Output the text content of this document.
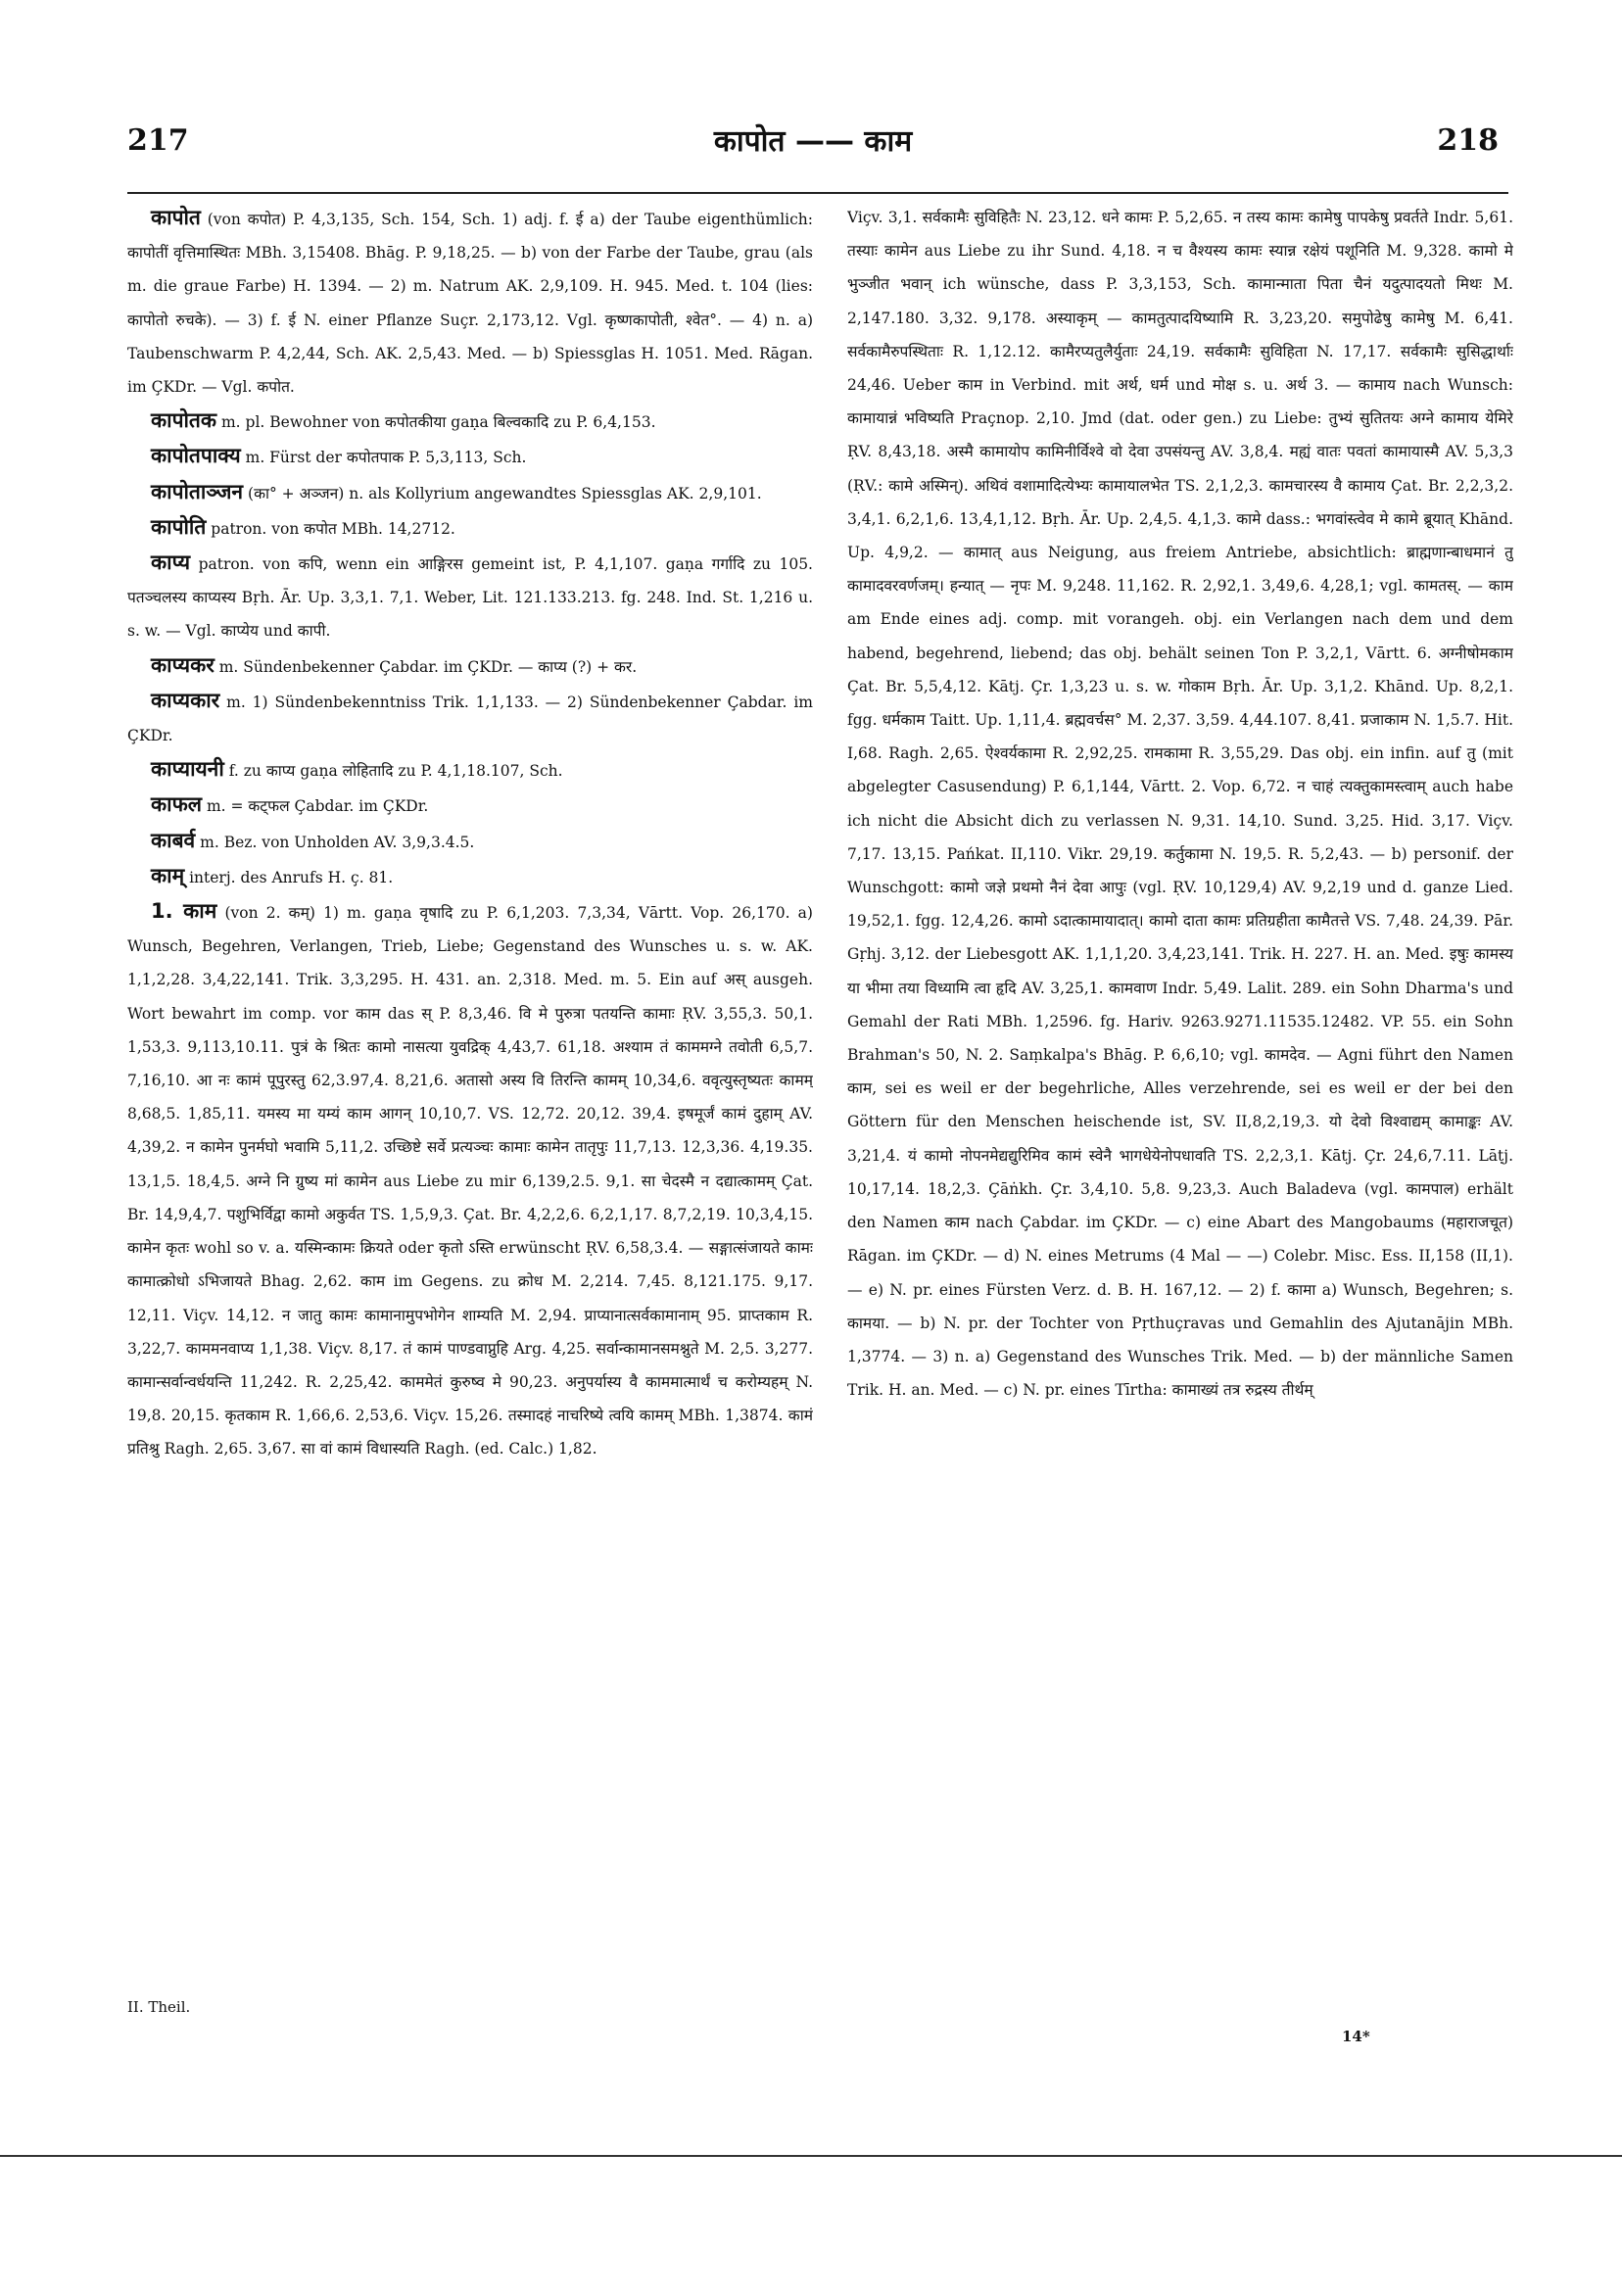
217	कापोत —— काम	218

कापोत (von कपोत) P. 4,3,135, Sch. 154, Sch. 1) adj. f. ई a) der Taube eigenthümlich: कापोतीं वृत्तिमास्थितः MBh. 3,15408. Bhāg. P. 9,18,25. — b) von der Farbe der Taube, grau (als m. die graue Farbe) H. 1394. — 2) m. Natrum AK. 2,9,109. H. 945. Med. t. 104 (lies: कापोतो रुचके). — 3) f. ई N. einer Pflanze Suçr. 2,173,12. Vgl. कृष्णकापोती, श्वेत°. — 4) n. a) Taubenschwarm P. 4,2,44, Sch. AK. 2,5,43. Med. — b) Spiessglas H. 1051. Med. Rāgan. im ÇKDr. — Vgl. कपोत.

कापोतक m. pl. Bewohner von कपोतकीया gaṇa बिल्वकादि zu P. 6,4,153.

कापोतपाक्य m. Fürst der कपोतपाक P. 5,3,113, Sch.

कापोताञ्जन (का° + अञ्जन) n. als Kollyrium angewandtes Spiessglas AK. 2,9,101.

कापोति patron. von कपोत MBh. 14,2712.

काप्य patron. von कपि, wenn ein आङ्गिरस gemeint ist, P. 4,1,107. gaṇa गर्गादि zu 105. पतञ्चलस्य काप्यस्य Bṛh. Ār. Up. 3,3,1. 7,1. Weber, Lit. 121.133.213. fg. 248. Ind. St. 1,216 u. s. w. — Vgl. काप्येय und कापी.

काप्यकर m. Sündenbekenner Çabdar. im ÇKDr. — काप्य (?) + कर.

काप्यकार m. 1) Sündenbekenntniss Trik. 1,1,133. — 2) Sündenbekenner Çabdar. im ÇKDr.

काप्यायनी f. zu काप्य gaṇa लोहितादि zu P. 4,1,18.107, Sch.

काफल m. = कट्फल Çabdar. im ÇKDr.

काबर्व m. Bez. von Unholden AV. 3,9,3.4.5.

काम् interj. des Anrufs H. ç. 81.

1. काम (von 2. कम्) 1) m. gaṇa वृषादि zu P. 6,1,203. 7,3,34, Vārtt. Vop. 26,170. a) Wunsch, Begehren, Verlangen, Trieb, Liebe; Gegenstand des Wunsches u. s. w. AK. 1,1,2,28. 3,4,22,141. Trik. 3,3,295. H. 431. an. 2,318. Med. m. 5. Ein auf अस् ausgeh. Wort bewahrt im comp. vor काम das स् P. 8,3,46. वि मे पुरुत्रा पतयन्ति कामाः ṚV. 3,55,3. 50,1. 1,53,3. 9,113,10.11. पुत्रं के श्रितः कामो नासत्या युवद्रिक् 4,43,7. 61,18. अश्याम तं काममग्ने तवोती 6,5,7. 7,16,10. आ नः कामं पूपुरस्तु 62,3.97,4. 8,21,6. अतासो अस्य वि तिरन्ति कामम् 10,34,6. ववृत्युस्तृष्यतः कामम् 8,68,5. 1,85,11. यमस्य मा यम्यं काम आगन् 10,10,7. VS. 12,72. 20,12. 39,4. इषमूर्जं कामं दुहाम् AV. 4,39,2. न कामेन पुनर्मघो भवामि 5,11,2. उच्छिष्टे सर्वे प्रत्यञ्चः कामाः कामेन तातृपुः 11,7,13. 12,3,36. 4,19.35. 13,1,5. 18,4,5. अग्ने नि ग्रुष्य मां कामेन aus Liebe zu mir 6,139,2.5. 9,1. सा चेदस्मै न दद्यात्कामम् Çat. Br. 14,9,4,7. पशुभिर्विद्वा कामो अकुर्वत TS. 1,5,9,3. Çat. Br. 4,2,2,6. 6,2,1,17. 8,7,2,19. 10,3,4,15. कामेन कृतः wohl so v. a. यस्मिन्कामः क्रियते oder कृतो ऽस्ति erwünscht ṚV. 6,58,3.4. — सङ्गात्संजायते कामः कामात्क्रोधो ऽभिजायते Bhag. 2,62. काम im Gegens. zu क्रोध M. 2,214. 7,45. 8,121.175. 9,17. 12,11. Viçv. 14,12. न जातु कामः कामानामुपभोगेन शाम्यति M. 2,94. प्राप्यानात्सर्वकामानाम् 95. प्राप्तकाम R. 3,22,7. काममनवाप्य 1,1,38. Viçv. 8,17. तं कामं पाण्डवाप्नुहि Arg. 4,25. सर्वान्कामानसमश्नुते M. 2,5. 3,277. कामान्सर्वान्वर्धयन्ति 11,242. R. 2,25,42. काममेतं कुरुष्व मे 90,23. अनुपर्यास्य वै काममात्मार्थं च करोम्यहम् N. 19,8. 20,15. कृतकाम R. 1,66,6. 2,53,6. Viçv. 15,26. तस्मादहं नाचरिष्ये त्वयि कामम् MBh. 1,3874. कामं प्रतिश्रु Ragh. 2,65. 3,67. सा वां कामं विधास्यति Ragh. (ed. Calc.) 1,82.

Viçv. 3,1. सर्वकामैः सुविहितैः N. 23,12. धने कामः P. 5,2,65. न तस्य कामः कामेषु पापकेषु प्रवर्तते Indr. 5,61. तस्याः कामेन aus Liebe zu ihr Sund. 4,18. न च वैश्यस्य कामः स्यान्न रक्षेयं पशूनिति M. 9,328. कामो मे भुञ्जीत भवान् ich wünsche, dass P. 3,3,153, Sch. कामान्माता पिता चैनं यदुत्पादयतो मिथः M. 2,147.180. 3,32. 9,178. अस्याकृम् — कामतुत्पादयिष्यामि R. 3,23,20. समुपोढेषु कामेषु M. 6,41. सर्वकामैरुपस्थिताः R. 1,12.12. कामैरप्यतुलैर्युताः 24,19. सर्वकामैः सुविहिता N. 17,17. सर्वकामैः सुसिद्धार्थाः 24,46. Ueber काम in Verbind. mit अर्थ, धर्म und मोक्ष s. u. अर्थ 3. — कामाय nach Wunsch: कामायान्नं भविष्यति Praçnop. 2,10. Jmd (dat. oder gen.) zu Liebe: तुभ्यं सुतितयः अग्ने कामाय येमिरे ṚV. 8,43,18. अस्मै कामायोप कामिनीर्विश्वे वो देवा उपसंयन्तु AV. 3,8,4. मह्यं वातः पवतां कामायास्मै AV. 5,3,3 (ṚV.: कामे अस्मिन्). अथिवं वशामादित्येभ्यः कामायालभेत TS. 2,1,2,3. कामचारस्य वै कामाय Çat. Br. 2,2,3,2. 3,4,1. 6,2,1,6. 13,4,1,12. Bṛh. Ār. Up. 2,4,5. 4,1,3. कामे dass.: भगवांस्त्वेव मे कामे ब्रूयात् Khānd. Up. 4,9,2. — कामात् aus Neigung, aus freiem Antriebe, absichtlich: ब्राह्मणान्बाधमानं तु कामादवरवर्णजम्। हन्यात् — नृपः M. 9,248. 11,162. R. 2,92,1. 3,49,6. 4,28,1; vgl. कामतस्. — काम am Ende eines adj. comp. mit vorangeh. obj. ein Verlangen nach dem und dem habend, begehrend, liebend; das obj. behält seinen Ton P. 3,2,1, Vārtt. 6. अग्नीषोमकाम Çat. Br. 5,5,4,12. Kātj. Çr. 1,3,23 u. s. w. गोकाम Bṛh. Ār. Up. 3,1,2. Khānd. Up. 8,2,1. fgg. धर्मकाम Taitt. Up. 1,11,4. ब्रह्मवर्चस° M. 2,37. 3,59. 4,44.107. 8,41. प्रजाकाम N. 1,5.7. Hit. I,68. Ragh. 2,65. ऐश्वर्यकामा R. 2,92,25. रामकामा R. 3,55,29. Das obj. ein infin. auf तु (mit abgelegter Casusendung) P. 6,1,144, Vārtt. 2. Vop. 6,72. न चाहं त्यक्तुकामस्त्वाम् auch habe ich nicht die Absicht dich zu verlassen N. 9,31. 14,10. Sund. 3,25. Hid. 3,17. Viçv. 7,17. 13,15. Pańkat. II,110. Vikr. 29,19. कर्तुकामा N. 19,5. R. 5,2,43. — b) personif. der Wunschgott: कामो जज्ञे प्रथमो नैनं देवा आपुः (vgl. ṚV. 10,129,4) AV. 9,2,19 und d. ganze Lied. 19,52,1. fgg. 12,4,26. कामो ऽदात्कामायादात्। कामो दाता कामः प्रतिग्रहीता कामैतत्ते VS. 7,48. 24,39. Pār. Gṛhj. 3,12. der Liebesgott AK. 1,1,1,20. 3,4,23,141. Trik. H. 227. H. an. Med. इषुः कामस्य या भीमा तया विध्यामि त्वा हृदि AV. 3,25,1. कामवाण Indr. 5,49. Lalit. 289. ein Sohn Dharma's und Gemahl der Rati MBh. 1,2596. fg. Hariv. 9263.9271.11535.12482. VP. 55. ein Sohn Brahman's 50, N. 2. Saṃkalpa's Bhāg. P. 6,6,10; vgl. कामदेव. — Agni führt den Namen काम, sei es weil er der begehrliche, Alles verzehrende, sei es weil er der bei den Göttern für den Menschen heischende ist, SV. II,8,2,19,3. यो देवो विश्वाद्यम् कामाङ्कः AV. 3,21,4. यं कामो नोपनमेद्यद्युरिमिव कामं स्वेनै भागधेयेनोपधावति TS. 2,2,3,1. Kātj. Çr. 24,6,7.11. Lāṭj. 10,17,14. 18,2,3. Çāṅkh. Çr. 3,4,10. 5,8. 9,23,3. Auch Baladeva (vgl. कामपाल) erhält den Namen काम nach Çabdar. im ÇKDr. — c) eine Abart des Mangobaums (महाराजचूत) Rāgan. im ÇKDr. — d) N. eines Metrums (4 Mal — —) Colebr. Misc. Ess. II,158 (II,1). — e) N. pr. eines Fürsten Verz. d. B. H. 167,12. — 2) f. कामा a) Wunsch, Begehren; s. कामया. — b) N. pr. der Tochter von Pṛthuçravas und Gemahlin des Ajutanājin MBh. 1,3774. — 3) n. a) Gegenstand des Wunsches Trik. Med. — b) der männliche Samen Trik. H. an. Med. — c) N. pr. eines Tīrtha: कामाख्यं तत्र रुद्रस्य तीर्थम्

II. Theil.
14*
